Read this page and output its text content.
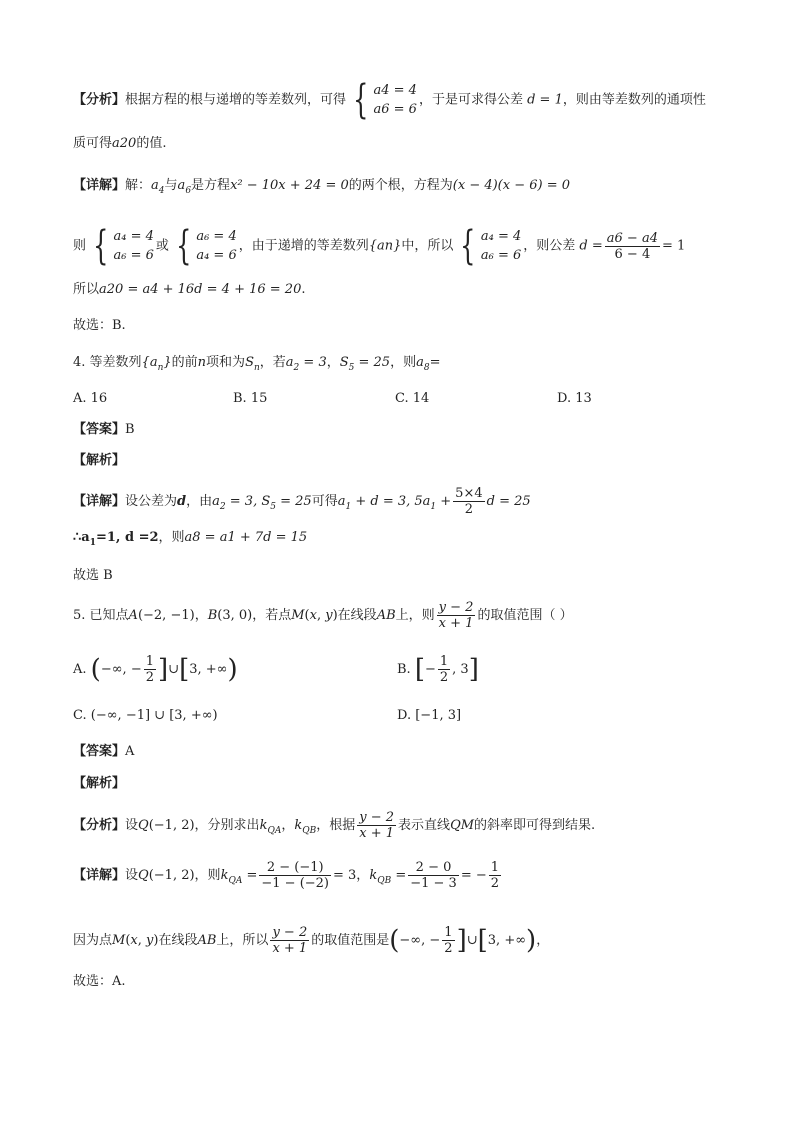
【分析】根据方程的根与递增的等差数列，可得 { a4 = 4
a6 = 6
，于是可求得公差 d = 1，则由等差数列的通项性
质可得a20的值.
【详解】解：$a_4$与$a_6$是方程x² − 10x + 24 = 0的两个根，方程为(x − 4)(x − 6) = 0
则 { a₄ = 4
a₆ = 6
或 { a₆ = 4
a₄ = 6
，由于递增的等差数列{an}中，所以 { a₄ = 4
a₆ = 6
，则公差 $d = \frac{a6 - a4}{6 - 4} = 1$
所以a20 = a4 + 16d = 4 + 16 = 20.
故选：B.
4. 等差数列$\{a_n\}$的前n项和为$S_n$，若$a_2 = 3$，$S_5 = 25$，则$a_8=$
A. 16	B. 15	C. 14	D. 13
【答案】B
【解析】
【详解】设公差为d，由$a_2 = 3$, $S_5 = 25$可得$a_1 + d = 3$, $5a_1 + \frac{5\times 4}{2}$ d = 25
$\therefore a_1=1$, d =2，则a8 = a1 + 7d = 15
故选 B
5. 已知点A(−2, −1)，B(3, 0)，若点M(x, y)在线段AB上，则 $\frac{y - 2}{x + 1}$ 的取值范围（ ）
A. (−∞, − $\frac{1}{2}$ ]∪[3, +∞)	B. [− $\frac{1}{2}$ , 3]
C. (−∞, −1] ∪ [3, +∞)	D. [−1, 3]
【答案】A
【解析】
【分析】设Q(−1, 2)，分别求出$k_{QA}$，$k_{QB}$，根据 $\frac{y - 2}{x + 1}$ 表示直线QM的斜率即可得到结果.
【详解】设Q(−1, 2)，则$k_{QA} = \frac{2 - (-1)}{-1 - (-2)} = 3$，$k_{QB} = \frac{2 - 0}{-1 - 3}$ = − $\frac{1}{2}$
因为点M(x, y)在线段AB上，所以 $\frac{y - 2}{x + 1}$ 的取值范围是(−∞, − $\frac{1}{2}$ ]∪[3, +∞)，
故选：A.
